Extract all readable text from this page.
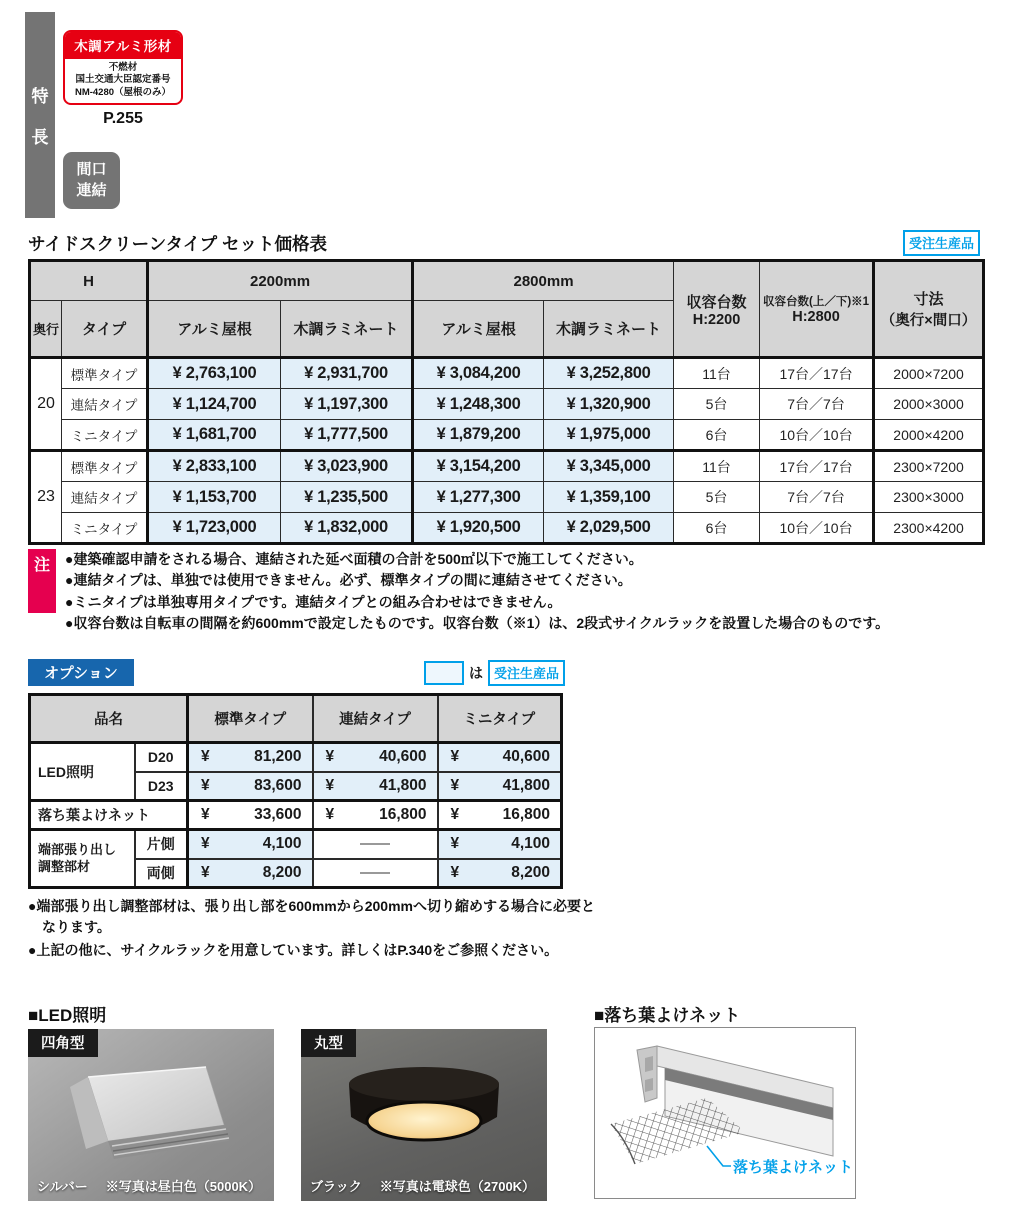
特
長
木調アルミ形材
不燃材
国土交通大臣認定番号
NM-4280（屋根のみ）
P.255
間口
連結
サイドスクリーンタイプ セット価格表	受注生産品
H	2200mm	2800mm	
収容台数
H:2200

収容台数(上／下)※1
H:2800

寸法
（奥行×間口）

奥行	タイプ	アルミ屋根	木調ラミネート	アルミ屋根	木調ラミネート			
20	標準タイプ	¥ 2,763,100	¥ 2,931,700	¥ 3,084,200	¥ 3,252,800	11台	17台／17台	2000×7200
	連結タイプ	¥ 1,124,700	¥ 1,197,300	¥ 1,248,300	¥ 1,320,900	5台	7台／7台	2000×3000
	ミニタイプ	¥ 1,681,700	¥ 1,777,500	¥ 1,879,200	¥ 1,975,000	6台	10台／10台	2000×4200
23	標準タイプ	¥ 2,833,100	¥ 3,023,900	¥ 3,154,200	¥ 3,345,000	11台	17台／17台	2300×7200
	連結タイプ	¥ 1,153,700	¥ 1,235,500	¥ 1,277,300	¥ 1,359,100	5台	7台／7台	2300×3000
	ミニタイプ	¥ 1,723,000	¥ 1,832,000	¥ 1,920,500	¥ 2,029,500	6台	10台／10台	2300×4200
注	●建築確認申請をされる場合、連結された延べ面積の合計を500㎡以下で施工してください。
●連結タイプは、単独では使用できません。必ず、標準タイプの間に連結させてください。
●ミニタイプは単独専用タイプです。連結タイプとの組み合わせはできません。
●収容台数は自転車の間隔を約600mmで設定したものです。収容台数（※1）は、2段式サイクルラックを設置した場合のものです。
オプション	は 受注生産品
品名		標準タイプ	連結タイプ	ミニタイプ
LED照明	D20	¥ 81,200	¥ 40,600	¥ 40,600

	D23	¥ 83,600	¥ 41,800	¥ 41,800

落ち葉よけネット		¥ 33,600	¥ 16,800	¥ 16,800

端部張り出し
調整部材
	片側	¥	4,100	——	¥	4,100

	両側	¥ 8,200	——	¥ 8,200
●端部張り出し調整部材は、張り出し部を600mmから200mmへ切り縮めする場合に必要となります。
●上記の他に、サイクルラックを用意しています。詳しくはP.340をご参照ください。
■LED照明
四角型
シルバー ※写真は昼白色（5000K）
丸型
ブラック ※写真は電球色（2700K）
■落ち葉よけネット
落ち葉よけネット
